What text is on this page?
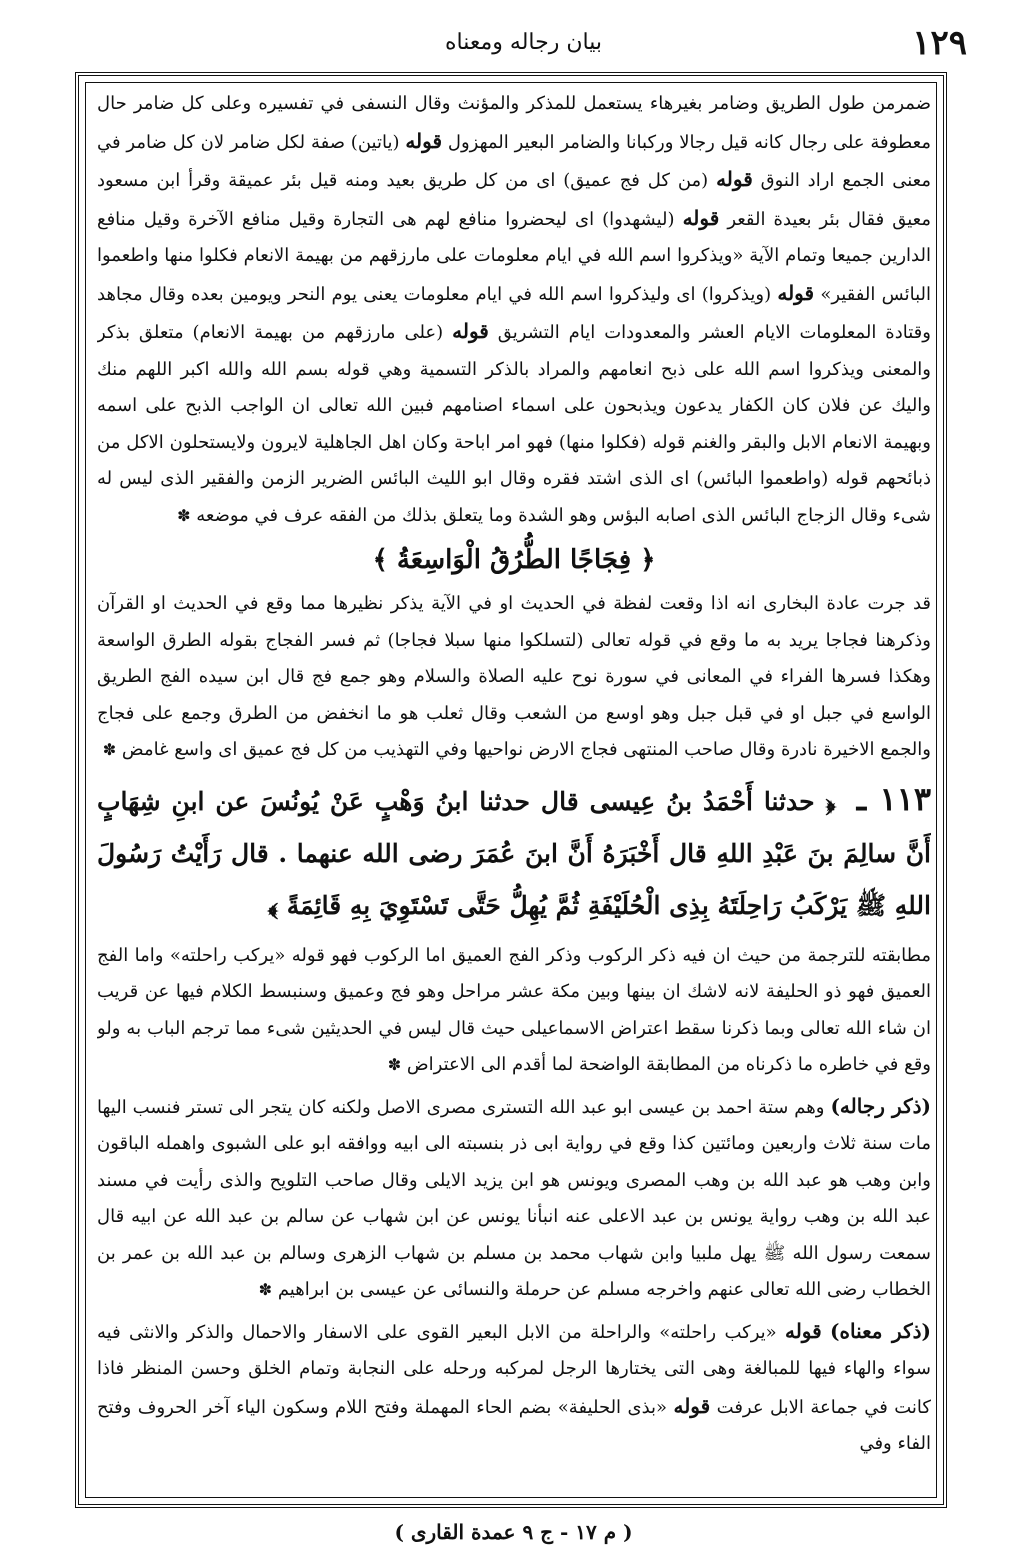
١٢٩
بيان رجاله ومعناه

ضمرمن طول الطريق وضامر بغيرهاء يستعمل للمذكر والمؤنث وقال النسفى في تفسيره وعلى كل ضامر حال معطوفة على رجال كانه قيل رجالا وركبانا والضامر البعير المهزول قوله (ياتين) صفة لكل ضامر لان كل ضامر في معنى الجمع اراد النوق قوله (من كل فج عميق) اى من كل طريق بعيد ومنه قيل بئر عميقة وقرأ ابن مسعود معيق فقال بئر بعيدة القعر قوله (ليشهدوا) اى ليحضروا منافع لهم هى التجارة وقيل منافع الآخرة وقيل منافع الدارين جميعا وتمام الآية «ويذكروا اسم الله في ايام معلومات على مارزقهم من بهيمة الانعام فكلوا منها واطعموا البائس الفقير» قوله (ويذكروا) اى وليذكروا اسم الله في ايام معلومات يعنى يوم النحر ويومين بعده وقال مجاهد وقتادة المعلومات الايام العشر والمعدودات ايام التشريق قوله (على مارزقهم من بهيمة الانعام) متعلق بذكر والمعنى ويذكروا اسم الله على ذبح انعامهم والمراد بالذكر التسمية وهي قوله بسم الله والله اكبر اللهم منك واليك عن فلان كان الكفار يدعون ويذبحون على اسماء اصنامهم فبين الله تعالى ان الواجب الذبح على اسمه وبهيمة الانعام الابل والبقر والغنم قوله (فكلوا منها) فهو امر اباحة وكان اهل الجاهلية لايرون ولايستحلون الاكل من ذبائحهم قوله (واطعموا البائس) اى الذى اشتد فقره وقال ابو الليث البائس الضرير الزمن والفقير الذى ليس له شىء وقال الزجاج البائس الذى اصابه البؤس وهو الشدة وما يتعلق بذلك من الفقه عرف في موضعه ✽

﴿ فِجَاجًا الطُّرُقُ الْوَاسِعَةُ ﴾

قد جرت عادة البخارى انه اذا وقعت لفظة في الحديث او في الآية يذكر نظيرها مما وقع في الحديث او القرآن وذكرهنا فجاجا يريد به ما وقع في قوله تعالى (لتسلكوا منها سبلا فجاجا) ثم فسر الفجاج بقوله الطرق الواسعة وهكذا فسرها الفراء في المعانى في سورة نوح عليه الصلاة والسلام وهو جمع فج قال ابن سيده الفج الطريق الواسع في جبل او في قبل جبل وهو اوسع من الشعب وقال ثعلب هو ما انخفض من الطرق وجمع على فجاج والجمع الاخيرة نادرة وقال صاحب المنتهى فجاج الارض نواحيها وفي التهذيب من كل فج عميق اى واسع غامض ✽

١١٣ ـ ﴿ حدثنا أَحْمَدُ بنُ عِيسى قال حدثنا ابنُ وَهْبٍ عَنْ يُونُسَ عن ابنِ شِهَابٍ أَنَّ سالِمَ بنَ عَبْدِ اللهِ قال أَخْبَرَهُ أَنَّ ابنَ عُمَرَ رضى الله عنهما . قال رَأَيْتُ رَسُولَ اللهِ ﷺ يَرْكَبُ رَاحِلَتَهُ بِذِى الْحُلَيْفَةِ ثُمَّ يُهِلُّ حَتَّى تَسْتَوِيَ بِهِ قَائِمَةً ﴾

مطابقته للترجمة من حيث ان فيه ذكر الركوب وذكر الفج العميق اما الركوب فهو قوله «يركب راحلته» واما الفج العميق فهو ذو الحليفة لانه لاشك ان بينها وبين مكة عشر مراحل وهو فج وعميق وسنبسط الكلام فيها عن قريب ان شاء الله تعالى وبما ذكرنا سقط اعتراض الاسماعيلى حيث قال ليس في الحديثين شىء مما ترجم الباب به ولو وقع في خاطره ما ذكرناه من المطابقة الواضحة لما أقدم الى الاعتراض ✽

(ذكر رجاله) وهم ستة احمد بن عيسى ابو عبد الله التسترى مصرى الاصل ولكنه كان يتجر الى تستر فنسب اليها مات سنة ثلاث واربعين ومائتين كذا وقع في رواية ابى ذر بنسبته الى ابيه ووافقه ابو على الشبوى واهمله الباقون وابن وهب هو عبد الله بن وهب المصرى ويونس هو ابن يزيد الايلى وقال صاحب التلويح والذى رأيت في مسند عبد الله بن وهب رواية يونس بن عبد الاعلى عنه انبأنا يونس عن ابن شهاب عن سالم بن عبد الله عن ابيه قال سمعت رسول الله ﷺ يهل ملبيا وابن شهاب محمد بن مسلم بن شهاب الزهرى وسالم بن عبد الله بن عمر بن الخطاب رضى الله تعالى عنهم واخرجه مسلم عن حرملة والنسائى عن عيسى بن ابراهيم ✽

(ذكر معناه) قوله «يركب راحلته» والراحلة من الابل البعير القوى على الاسفار والاحمال والذكر والانثى فيه سواء والهاء فيها للمبالغة وهى التى يختارها الرجل لمركبه ورحله على النجابة وتمام الخلق وحسن المنظر فاذا كانت في جماعة الابل عرفت قوله «بذى الحليفة» بضم الحاء المهملة وفتح اللام وسكون الياء آخر الحروف وفتح الفاء وفي

( م ١٧ - ج ٩ عمدة القارى )
